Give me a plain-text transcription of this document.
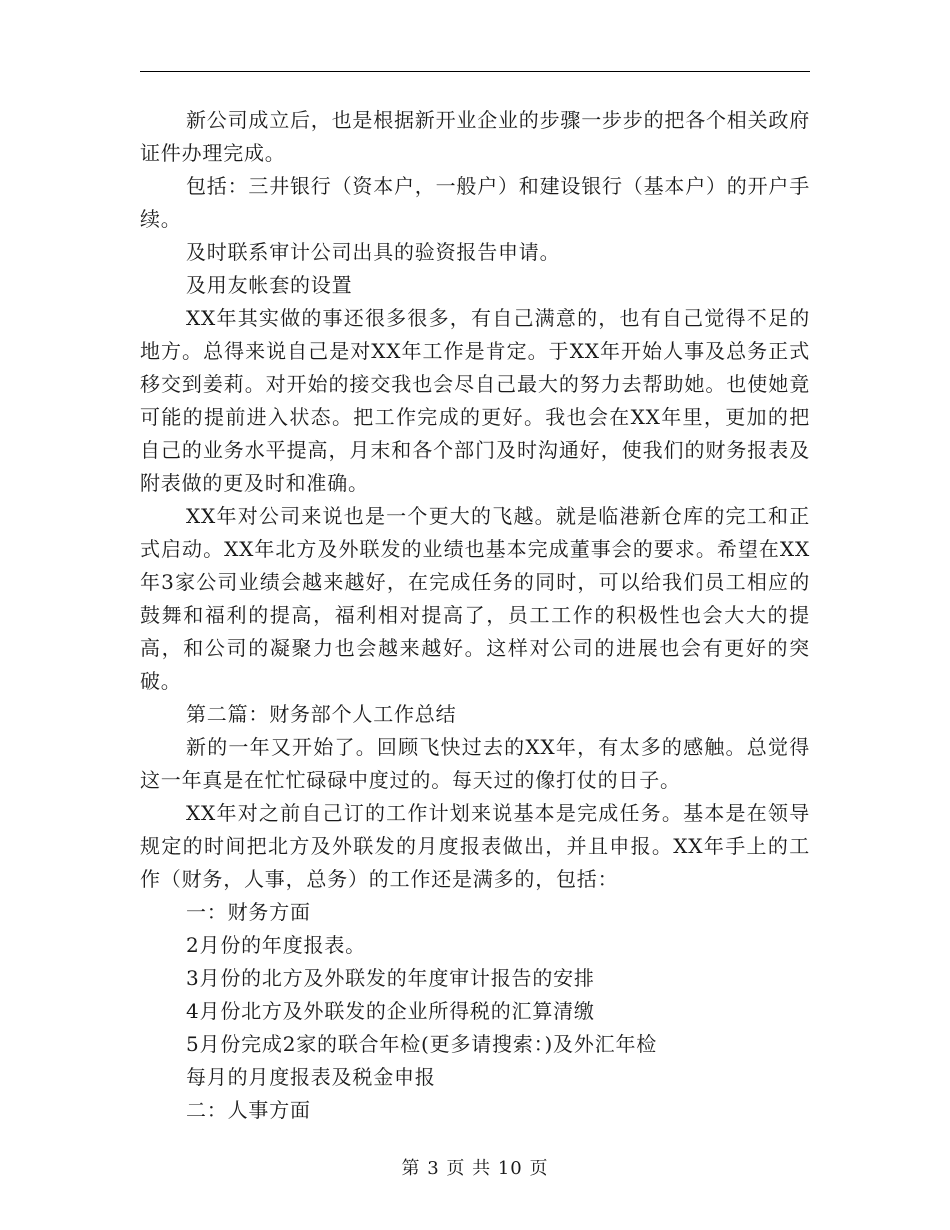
新公司成立后，也是根据新开业企业的步骤一步步的把各个相关政府证件办理完成。

包括：三井银行（资本户，一般户）和建设银行（基本户）的开户手续。

及时联系审计公司出具的验资报告申请。

及用友帐套的设置

XX年其实做的事还很多很多，有自己满意的，也有自己觉得不足的地方。总得来说自己是对XX年工作是肯定。于XX年开始人事及总务正式移交到姜莉。对开始的接交我也会尽自己最大的努力去帮助她。也使她竟可能的提前进入状态。把工作完成的更好。我也会在XX年里，更加的把自己的业务水平提高，月末和各个部门及时沟通好，使我们的财务报表及附表做的更及时和准确。

XX年对公司来说也是一个更大的飞越。就是临港新仓库的完工和正式启动。XX年北方及外联发的业绩也基本完成董事会的要求。希望在XX年3家公司业绩会越来越好，在完成任务的同时，可以给我们员工相应的鼓舞和福利的提高，福利相对提高了，员工工作的积极性也会大大的提高，和公司的凝聚力也会越来越好。这样对公司的进展也会有更好的突破。

第二篇：财务部个人工作总结

新的一年又开始了。回顾飞快过去的XX年，有太多的感触。总觉得这一年真是在忙忙碌碌中度过的。每天过的像打仗的日子。

XX年对之前自己订的工作计划来说基本是完成任务。基本是在领导规定的时间把北方及外联发的月度报表做出，并且申报。XX年手上的工作（财务，人事，总务）的工作还是满多的，包括：

一：财务方面

2月份的年度报表。

3月份的北方及外联发的年度审计报告的安排

4月份北方及外联发的企业所得税的汇算清缴

5月份完成2家的联合年检(更多请搜索：)及外汇年检

每月的月度报表及税金申报

二：人事方面

第 3 页 共 10 页
